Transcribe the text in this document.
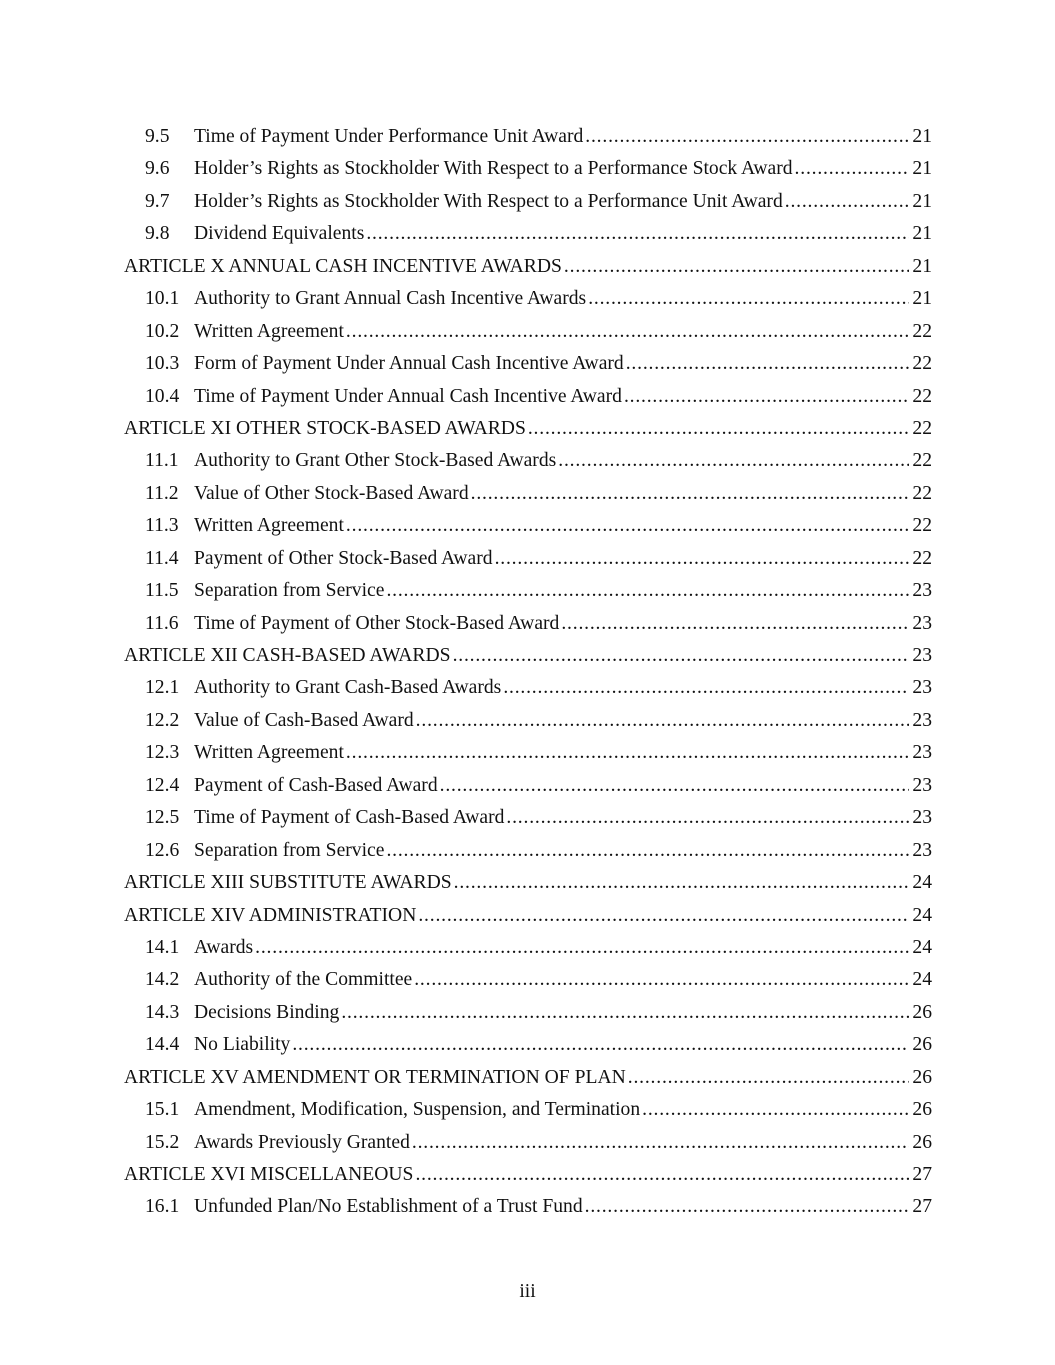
9.5	Time of Payment Under Performance Unit Award .....	21
9.6	Holder’s Rights as Stockholder With Respect to a Performance Stock Award .....	21
9.7	Holder’s Rights as Stockholder With Respect to a Performance Unit Award .....	21
9.8	Dividend Equivalents .....	21
ARTICLE X ANNUAL CASH INCENTIVE AWARDS .....	21
10.1 Authority to Grant Annual Cash Incentive Awards .....	21
10.2 Written Agreement .....	22
10.3 Form of Payment Under Annual Cash Incentive Award .....	22
10.4 Time of Payment Under Annual Cash Incentive Award .....	22
ARTICLE XI OTHER STOCK-BASED AWARDS .....	22
11.1 Authority to Grant Other Stock-Based Awards .....	22
11.2 Value of Other Stock-Based Award .....	22
11.3 Written Agreement .....	22
11.4 Payment of Other Stock-Based Award .....	22
11.5 Separation from Service .....	23
11.6 Time of Payment of Other Stock-Based Award .....	23
ARTICLE XII CASH-BASED AWARDS .....	23
12.1 Authority to Grant Cash-Based Awards .....	23
12.2 Value of Cash-Based Award .....	23
12.3 Written Agreement .....	23
12.4 Payment of Cash-Based Award .....	23
12.5 Time of Payment of Cash-Based Award .....	23
12.6 Separation from Service .....	23
ARTICLE XIII SUBSTITUTE AWARDS .....	24
ARTICLE XIV ADMINISTRATION .....	24
14.1 Awards .....	24
14.2 Authority of the Committee .....	24
14.3 Decisions Binding .....	26
14.4 No Liability .....	26
ARTICLE XV AMENDMENT OR TERMINATION OF PLAN .....	26
15.1 Amendment, Modification, Suspension, and Termination .....	26
15.2 Awards Previously Granted .....	26
ARTICLE XVI MISCELLANEOUS .....	27
16.1 Unfunded Plan/No Establishment of a Trust Fund .....	27
iii
